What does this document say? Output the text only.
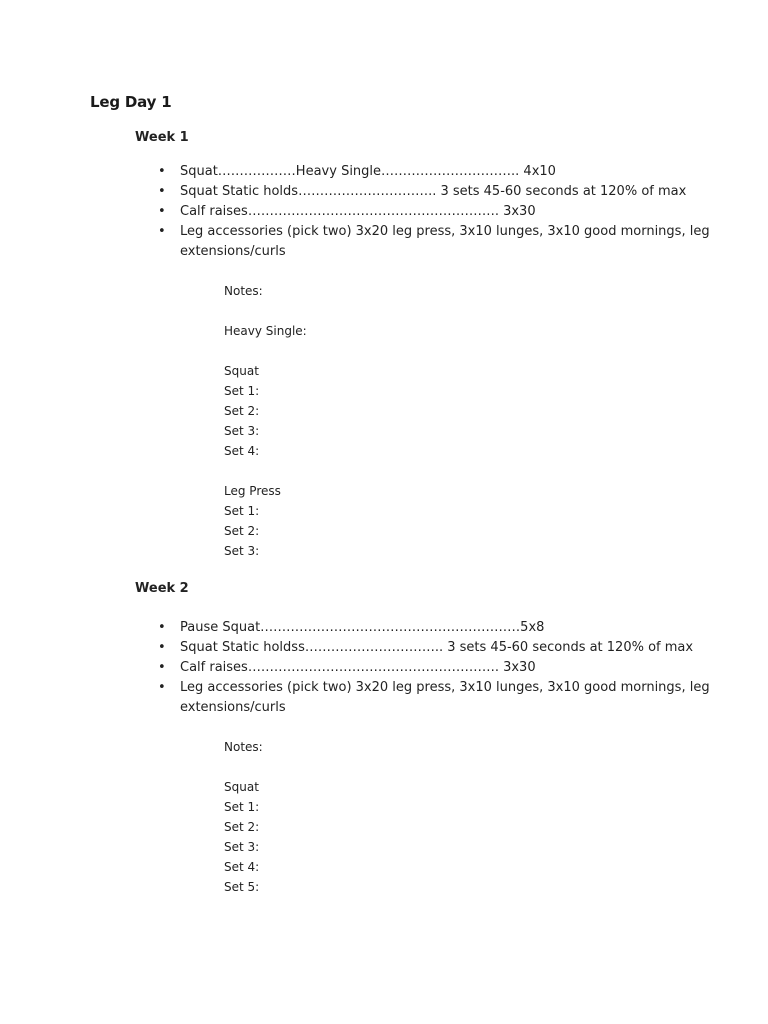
Leg Day 1
Week 1
• Squat………………Heavy Single………………………….. 4x10
• Squat Static holds………………………….. 3 sets 45-60 seconds at 120% of max
• Calf raises…………………………………………………. 3x30
• Leg accessories (pick two) 3x20 leg press, 3x10 lunges, 3x10 good mornings, leg
extensions/curls
Notes:
Heavy Single:
Squat
Set 1:
Set 2:
Set 3:
Set 4:
Leg Press
Set 1:
Set 2:
Set 3:
Week 2
• Pause Squat……………………………………………………5x8
• Squat Static holdss………………………….. 3 sets 45-60 seconds at 120% of max
• Calf raises…………………………………………………. 3x30
• Leg accessories (pick two) 3x20 leg press, 3x10 lunges, 3x10 good mornings, leg
extensions/curls
Notes:
Squat
Set 1:
Set 2:
Set 3:
Set 4:
Set 5:
